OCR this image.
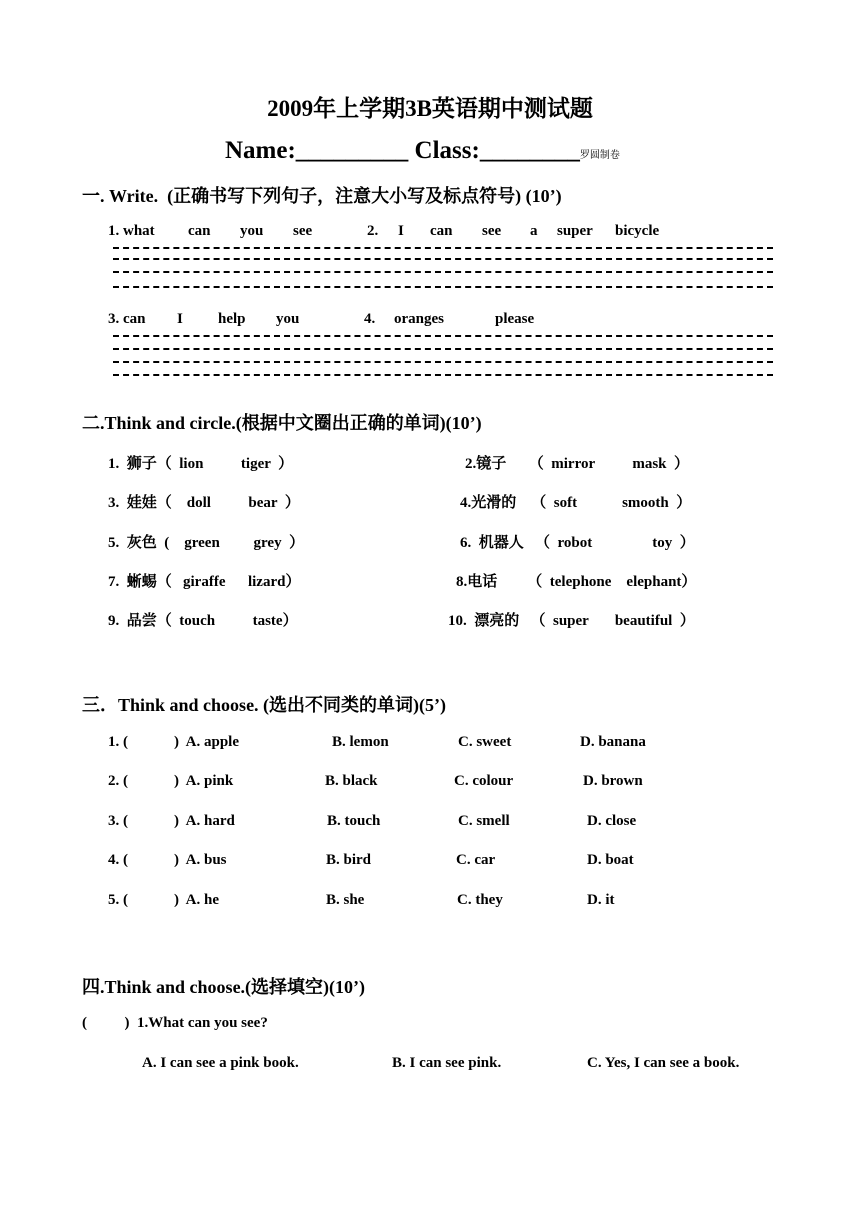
2009年上学期3B英语期中测试题
Name:_________ Class:________罗圆制卷
一. Write.  (正确书写下列句子，注意大小写及标点符号) (10’)
1. what can you see	2. I can see a super bicycle
3. can I help you	4. oranges	please
二.Think and circle.(根据中文圈出正确的单词)(10’)
1.  狮子（  lion          tiger  ）	2.镜子      （  mirror          mask  ）
3.  娃娃（    doll          bear  ）	4.光滑的    （  soft            smooth  ）
5.  灰色  (    green         grey  ）	6.  机器人   （  robot                toy  ）
7.  蜥蜴（   giraffe      lizard）	8.电话        （  telephone    elephant）
9.  品尝（  touch          taste）	10.  漂亮的   （  super       beautiful  ）
三．Think and choose. (选出不同类的单词)(5’)
1. (	)  A. apple	B. lemon	C. sweet	D. banana
2. (	)  A. pink	B. black	C. colour	D. brown
3. (	)  A. hard	B. touch	C. smell	D. close
4. (	)  A. bus	B. bird	C. car	D. boat
5. (	)  A. he	B. she	C. they	D. it
四.Think and choose.(选择填空)(10’)
(          )  1.What can you see?
A. I can see a pink book.	B. I can see pink.	C. Yes, I can see a book.
